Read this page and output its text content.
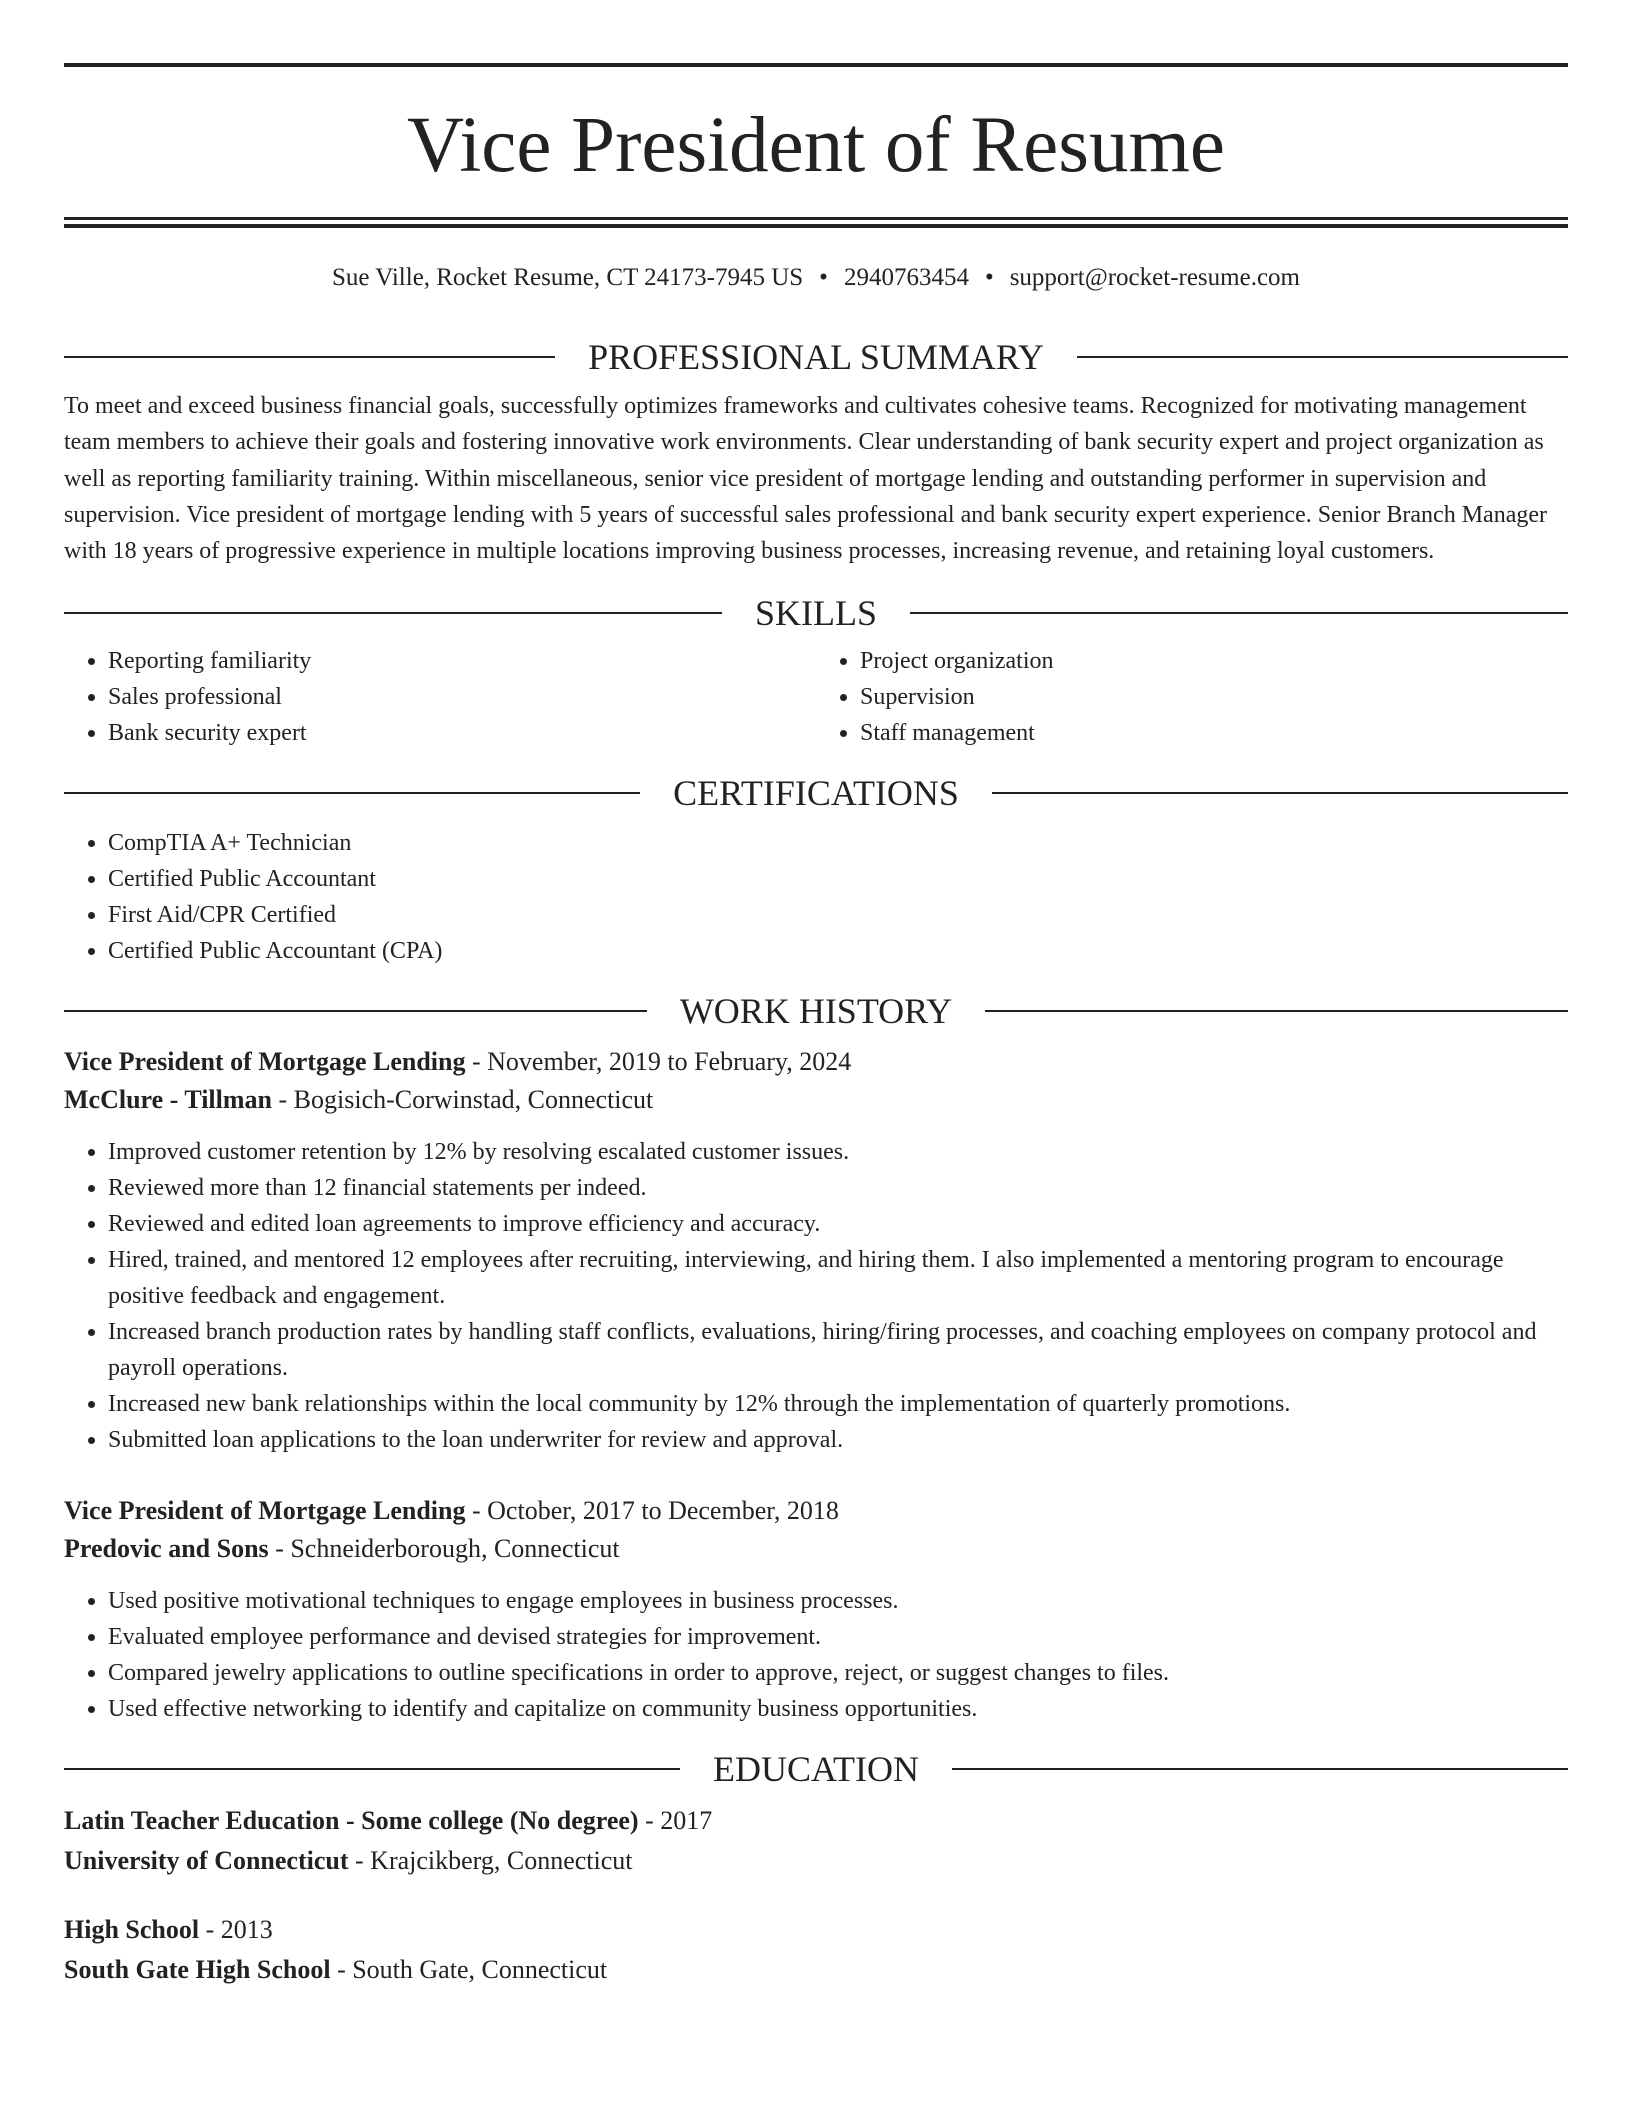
Vice President of Resume
Sue Ville, Rocket Resume, CT 24173-7945 US • 2940763454 • support@rocket-resume.com
PROFESSIONAL SUMMARY

To meet and exceed business financial goals, successfully optimizes frameworks and cultivates cohesive teams. Recognized for motivating management team members to achieve their goals and fostering innovative work environments. Clear understanding of bank security expert and project organization as well as reporting familiarity training. Within miscellaneous, senior vice president of mortgage lending and outstanding performer in supervision and supervision. Vice president of mortgage lending with 5 years of successful sales professional and bank security expert experience. Senior Branch Manager with 18 years of progressive experience in multiple locations improving business processes, increasing revenue, and retaining loyal customers.

SKILLS
• Reporting familiarity
• Sales professional
• Bank security expert
• Project organization
• Supervision
• Staff management
CERTIFICATIONS
• CompTIA A+ Technician
• Certified Public Accountant
• First Aid/CPR Certified
• Certified Public Accountant (CPA)
WORK HISTORY
Vice President of Mortgage Lending - November, 2019 to February, 2024
McClure - Tillman - Bogisich-Corwinstad, Connecticut
• Improved customer retention by 12% by resolving escalated customer issues.
• Reviewed more than 12 financial statements per indeed.
• Reviewed and edited loan agreements to improve efficiency and accuracy.
• Hired, trained, and mentored 12 employees after recruiting, interviewing, and hiring them. I also implemented a mentoring program to encourage positive feedback and engagement.
• Increased branch production rates by handling staff conflicts, evaluations, hiring/firing processes, and coaching employees on company protocol and payroll operations.
• Increased new bank relationships within the local community by 12% through the implementation of quarterly promotions.
• Submitted loan applications to the loan underwriter for review and approval.
Vice President of Mortgage Lending - October, 2017 to December, 2018
Predovic and Sons - Schneiderborough, Connecticut
• Used positive motivational techniques to engage employees in business processes.
• Evaluated employee performance and devised strategies for improvement.
• Compared jewelry applications to outline specifications in order to approve, reject, or suggest changes to files.
• Used effective networking to identify and capitalize on community business opportunities.
EDUCATION
Latin Teacher Education - Some college (No degree) - 2017
University of Connecticut - Krajcikberg, Connecticut
High School - 2013
South Gate High School - South Gate, Connecticut
